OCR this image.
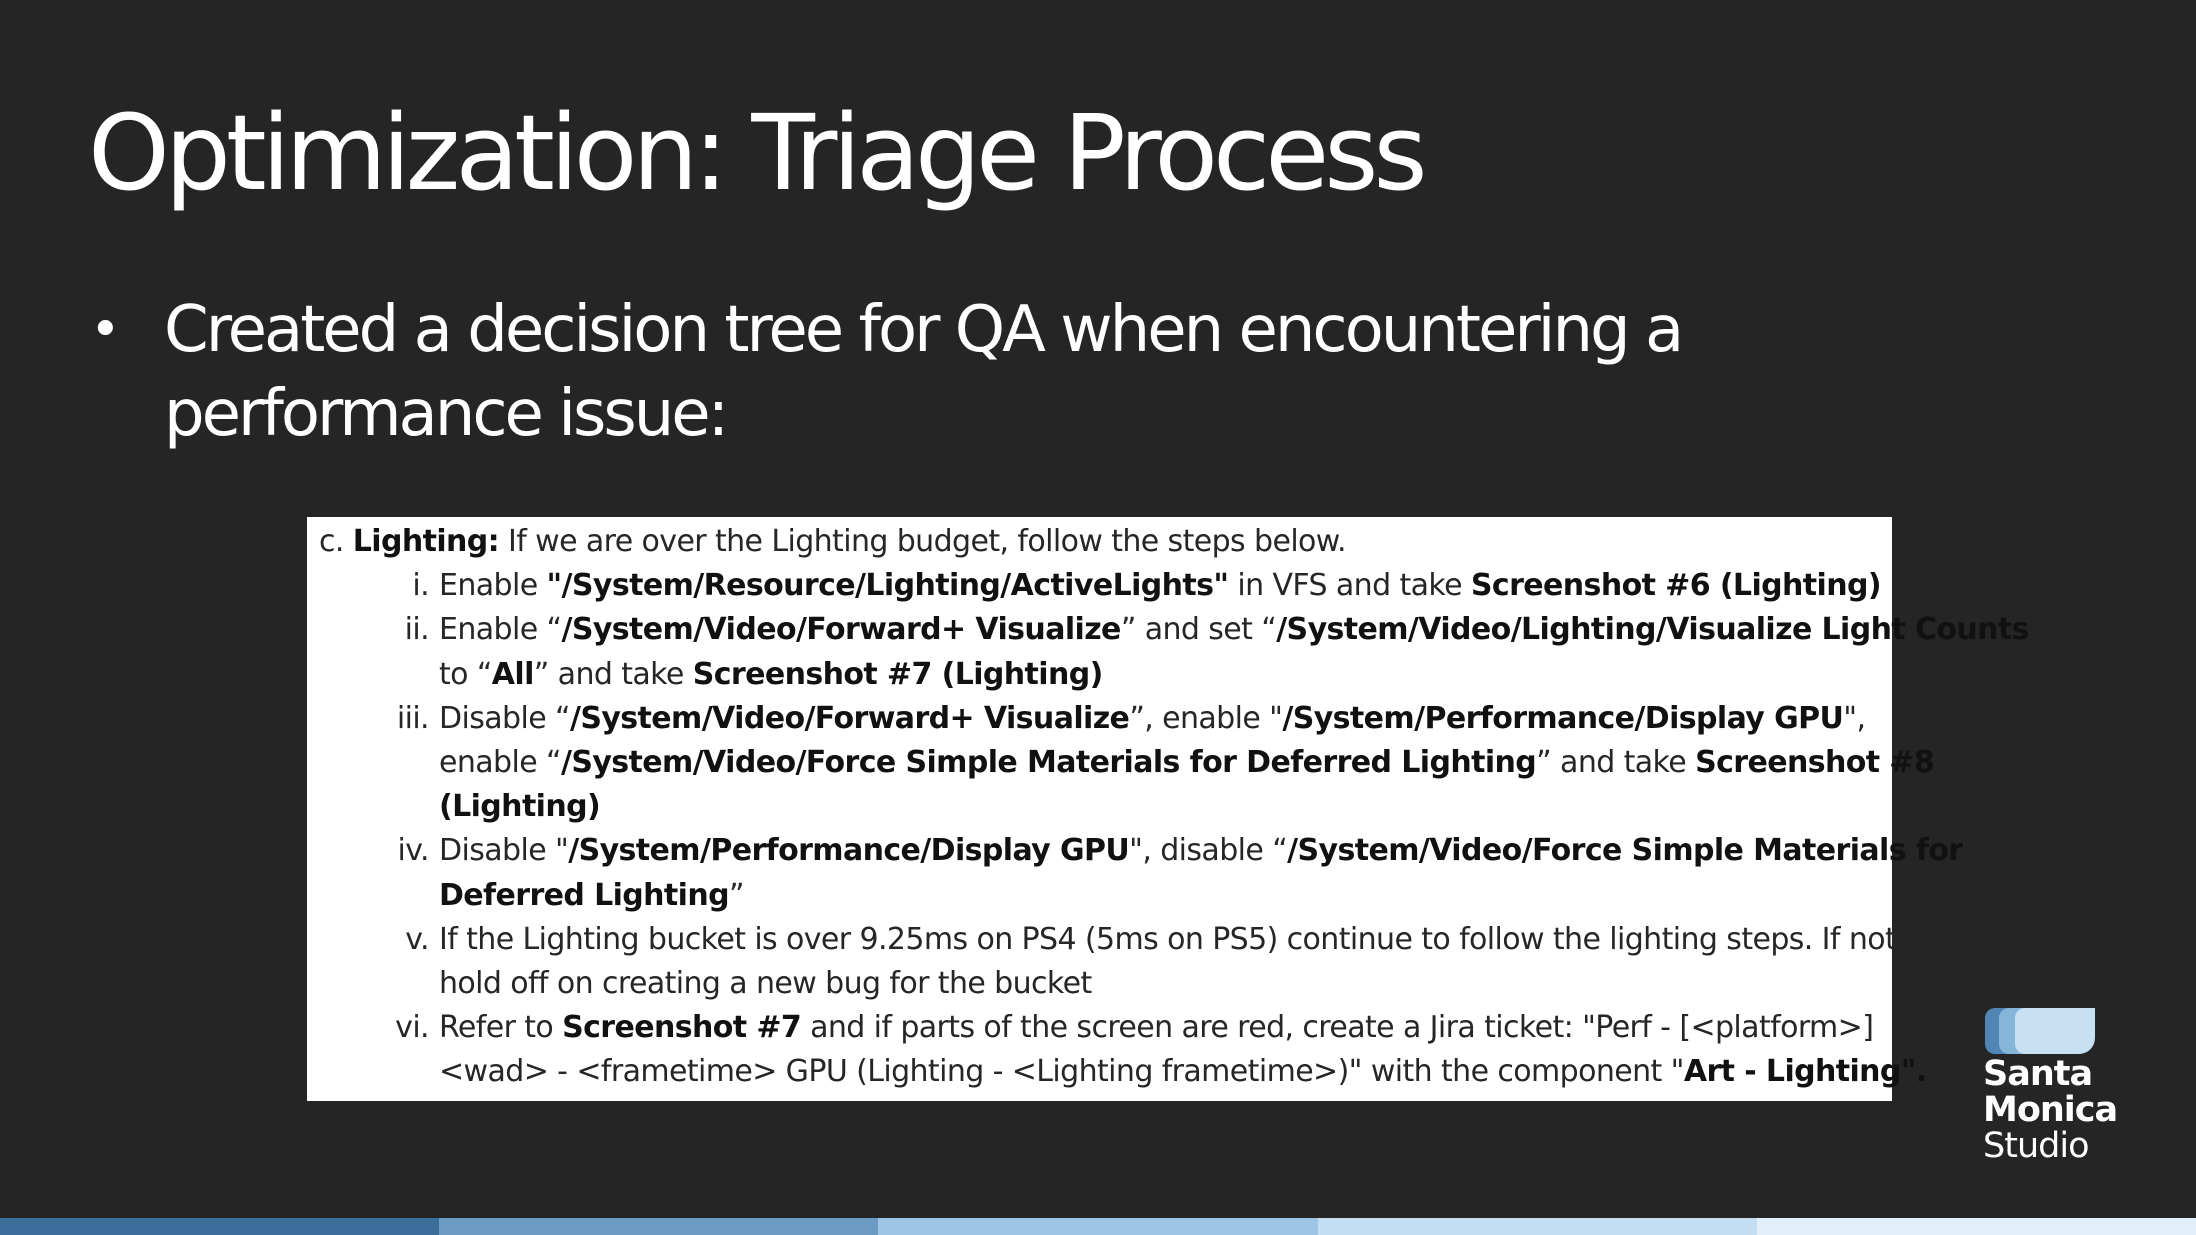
Optimization: Triage Process
• Created a decision tree for QA when encountering a performance issue:
c. Lighting: If we are over the Lighting budget, follow the steps below.
i. Enable "/System/Resource/Lighting/ActiveLights" in VFS and take Screenshot #6 (Lighting)
ii. Enable “/System/Video/Forward+ Visualize” and set “/System/Video/Lighting/Visualize Light Counts”
to “All” and take Screenshot #7 (Lighting)
iii. Disable “/System/Video/Forward+ Visualize”, enable "/System/Performance/Display GPU",
enable “/System/Video/Force Simple Materials for Deferred Lighting” and take Screenshot #8
(Lighting)
iv. Disable "/System/Performance/Display GPU", disable “/System/Video/Force Simple Materials for
Deferred Lighting”
v. If the Lighting bucket is over 9.25ms on PS4 (5ms on PS5) continue to follow the lighting steps. If not,
hold off on creating a new bug for the bucket
vi. Refer to Screenshot #7 and if parts of the screen are red, create a Jira ticket: "Perf - [<platform>]
<wad> - <frametime> GPU (Lighting - <Lighting frametime>)" with the component "Art - Lighting". Santa
Monica
Studio
